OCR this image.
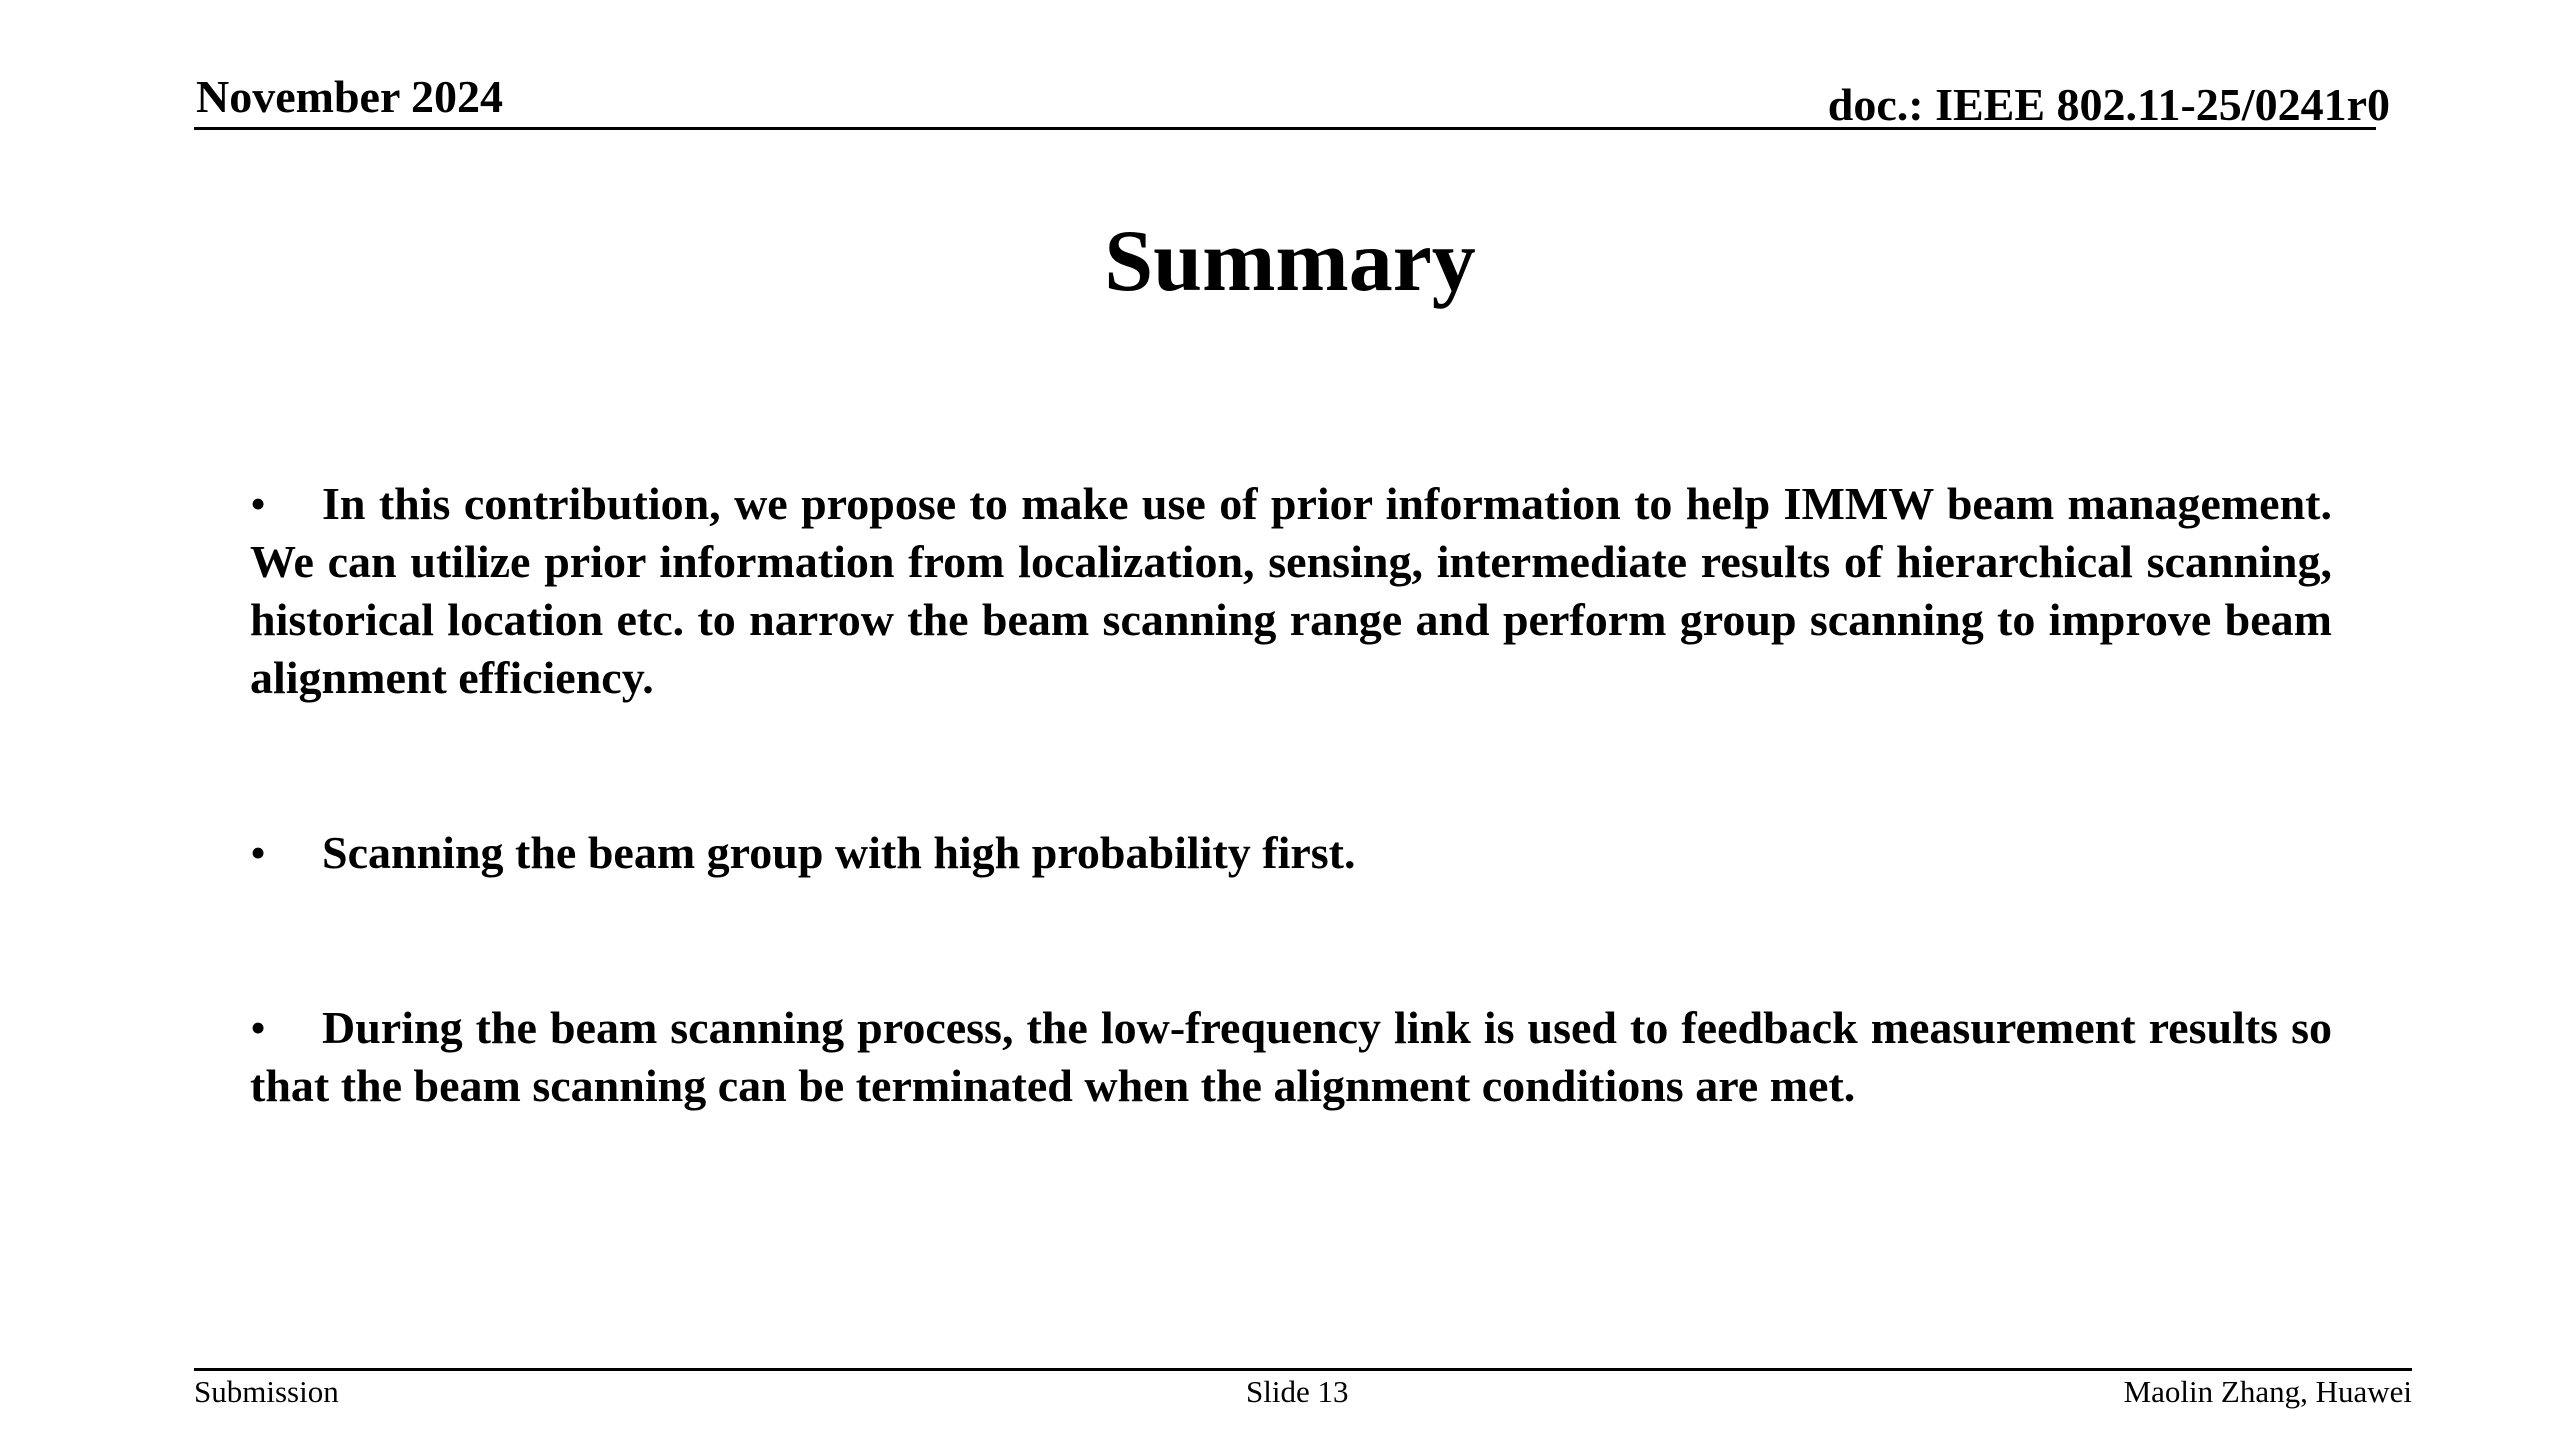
November 2024	doc.: IEEE 802.11-25/0241r0
Summary
• In this contribution, we propose to make use of prior information to help IMMW beam management. We can utilize prior information from localization, sensing, intermediate results of hierarchical scanning, historical location etc. to narrow the beam scanning range and perform group scanning to improve beam alignment efficiency.
• Scanning the beam group with high probability first.
• During the beam scanning process, the low-frequency link is used to feedback measurement results so that the beam scanning can be terminated when the alignment conditions are met.
Submission	Slide 13	Maolin Zhang, Huawei
